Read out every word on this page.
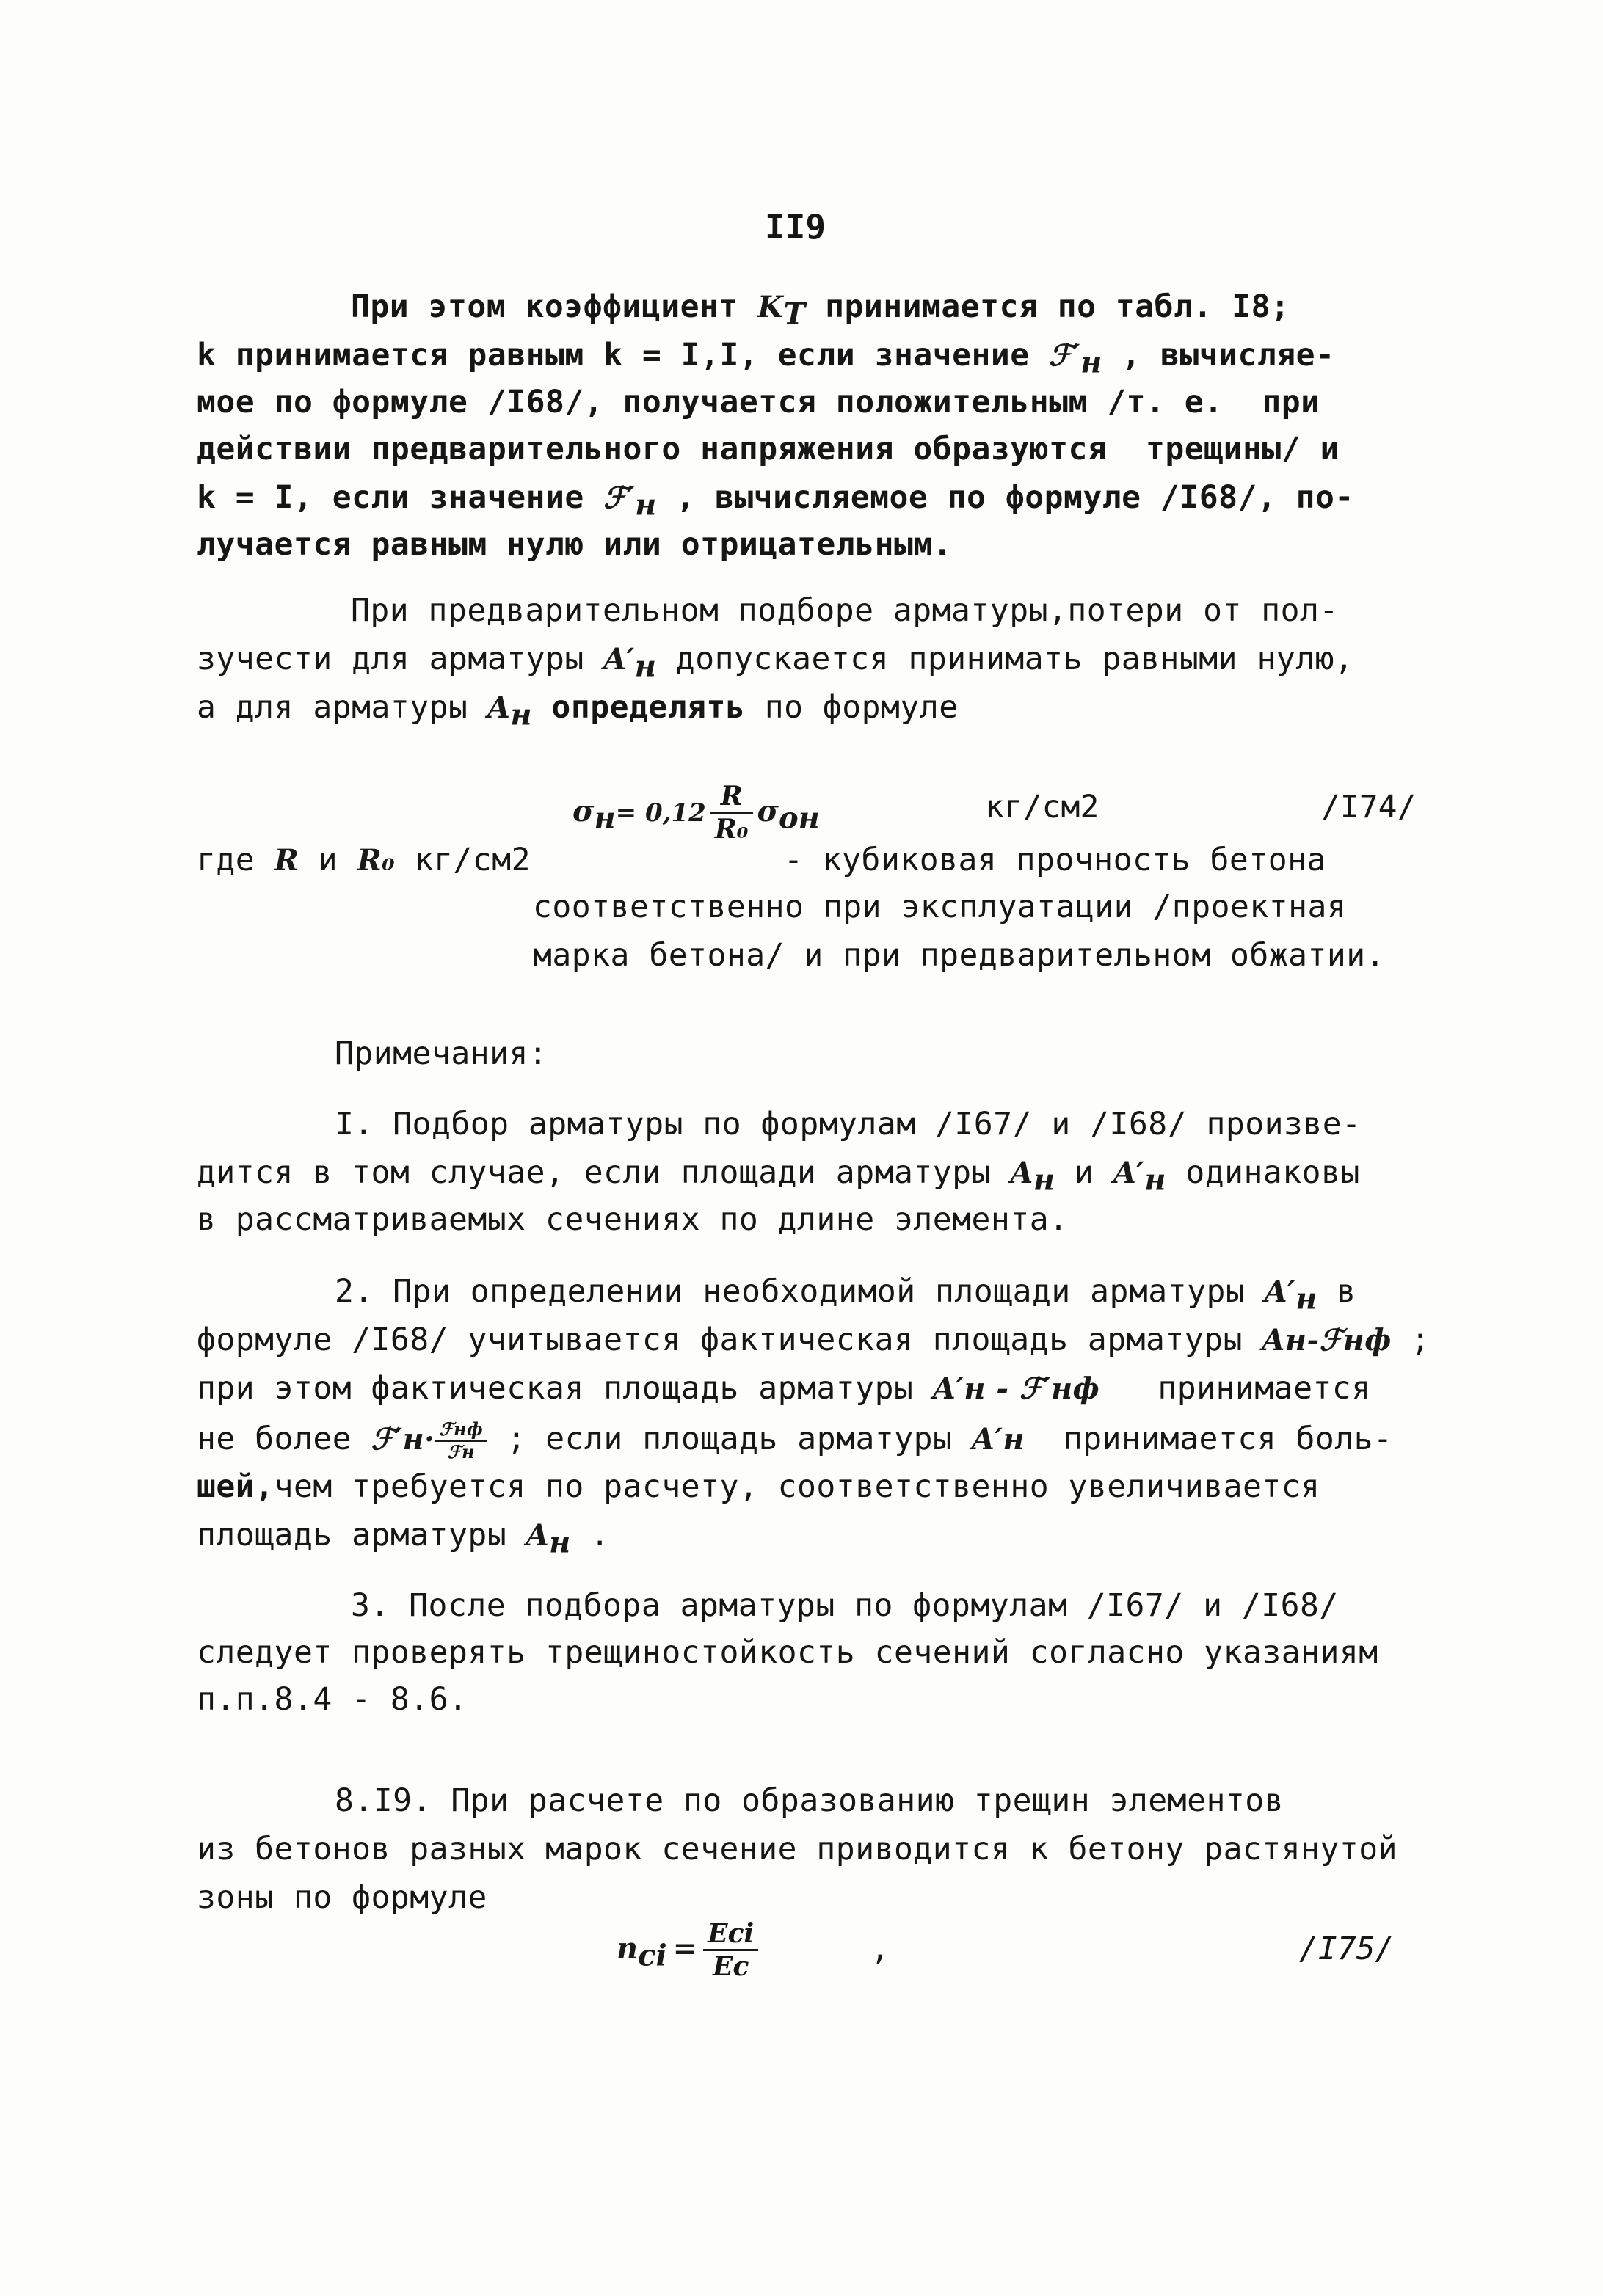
II9
При этом коэффициент $K_T$ принимается по табл. I8;
k принимается равным k = I,I, если значение $ℱ'_н$ , вычисляе-
мое по формуле /I68/, получается положительным /т. е.  при
действии предварительного напряжения образуются  трещины/ и
k = I, если значение $ℱ'_н$ , вычисляемое по формуле /I68/, по-
лучается равным нулю или отрицательным.
При предварительном подборе арматуры,потери от пол-
зучести для арматуры $A'_н$ допускается принимать равными нулю,
а для арматуры $A_н$ определять по формуле
$\sigma_н= 0,12 \frac{R}{\text{R₀}} \sigma_{он}$	кг/см2	/I74/
где R и R₀ кг/см2	- кубиковая прочность бетона
соответственно при эксплуатации /проектная
марка бетона/ и при предварительном обжатии.
Примечания:
I. Подбор арматуры по формулам /I67/ и /I68/ произве-
дится в том случае, если площади арматуры $A_н$ и $A'_н$ одинаковы
в рассматриваемых сечениях по длине элемента.
2. При определении необходимой площади арматуры $A'_н$ в
формуле /I68/ учитывается фактическая площадь арматуры Aн-ℱнф ;
при этом фактическая площадь арматуры A′н - ℱ′нф   принимается
не более ℱ′н· $\frac{\text{ℱнф}}{\text{ℱн}}$ ; если площадь арматуры A′н  принимается боль-
шей,чем требуется по расчету, соответственно увеличивается
площадь арматуры $A_н$ .
3. После подбора арматуры по формулам /I67/ и /I68/
следует проверять трещиностойкость сечений согласно указаниям
п.п.8.4 - 8.6.
8.I9. При расчете по образованию трещин элементов
из бетонов разных марок сечение приводится к бетону растянутой
зоны по формуле
$n_{ci} = \frac{\text{Eci}}{Ec}$	,	/I75/
